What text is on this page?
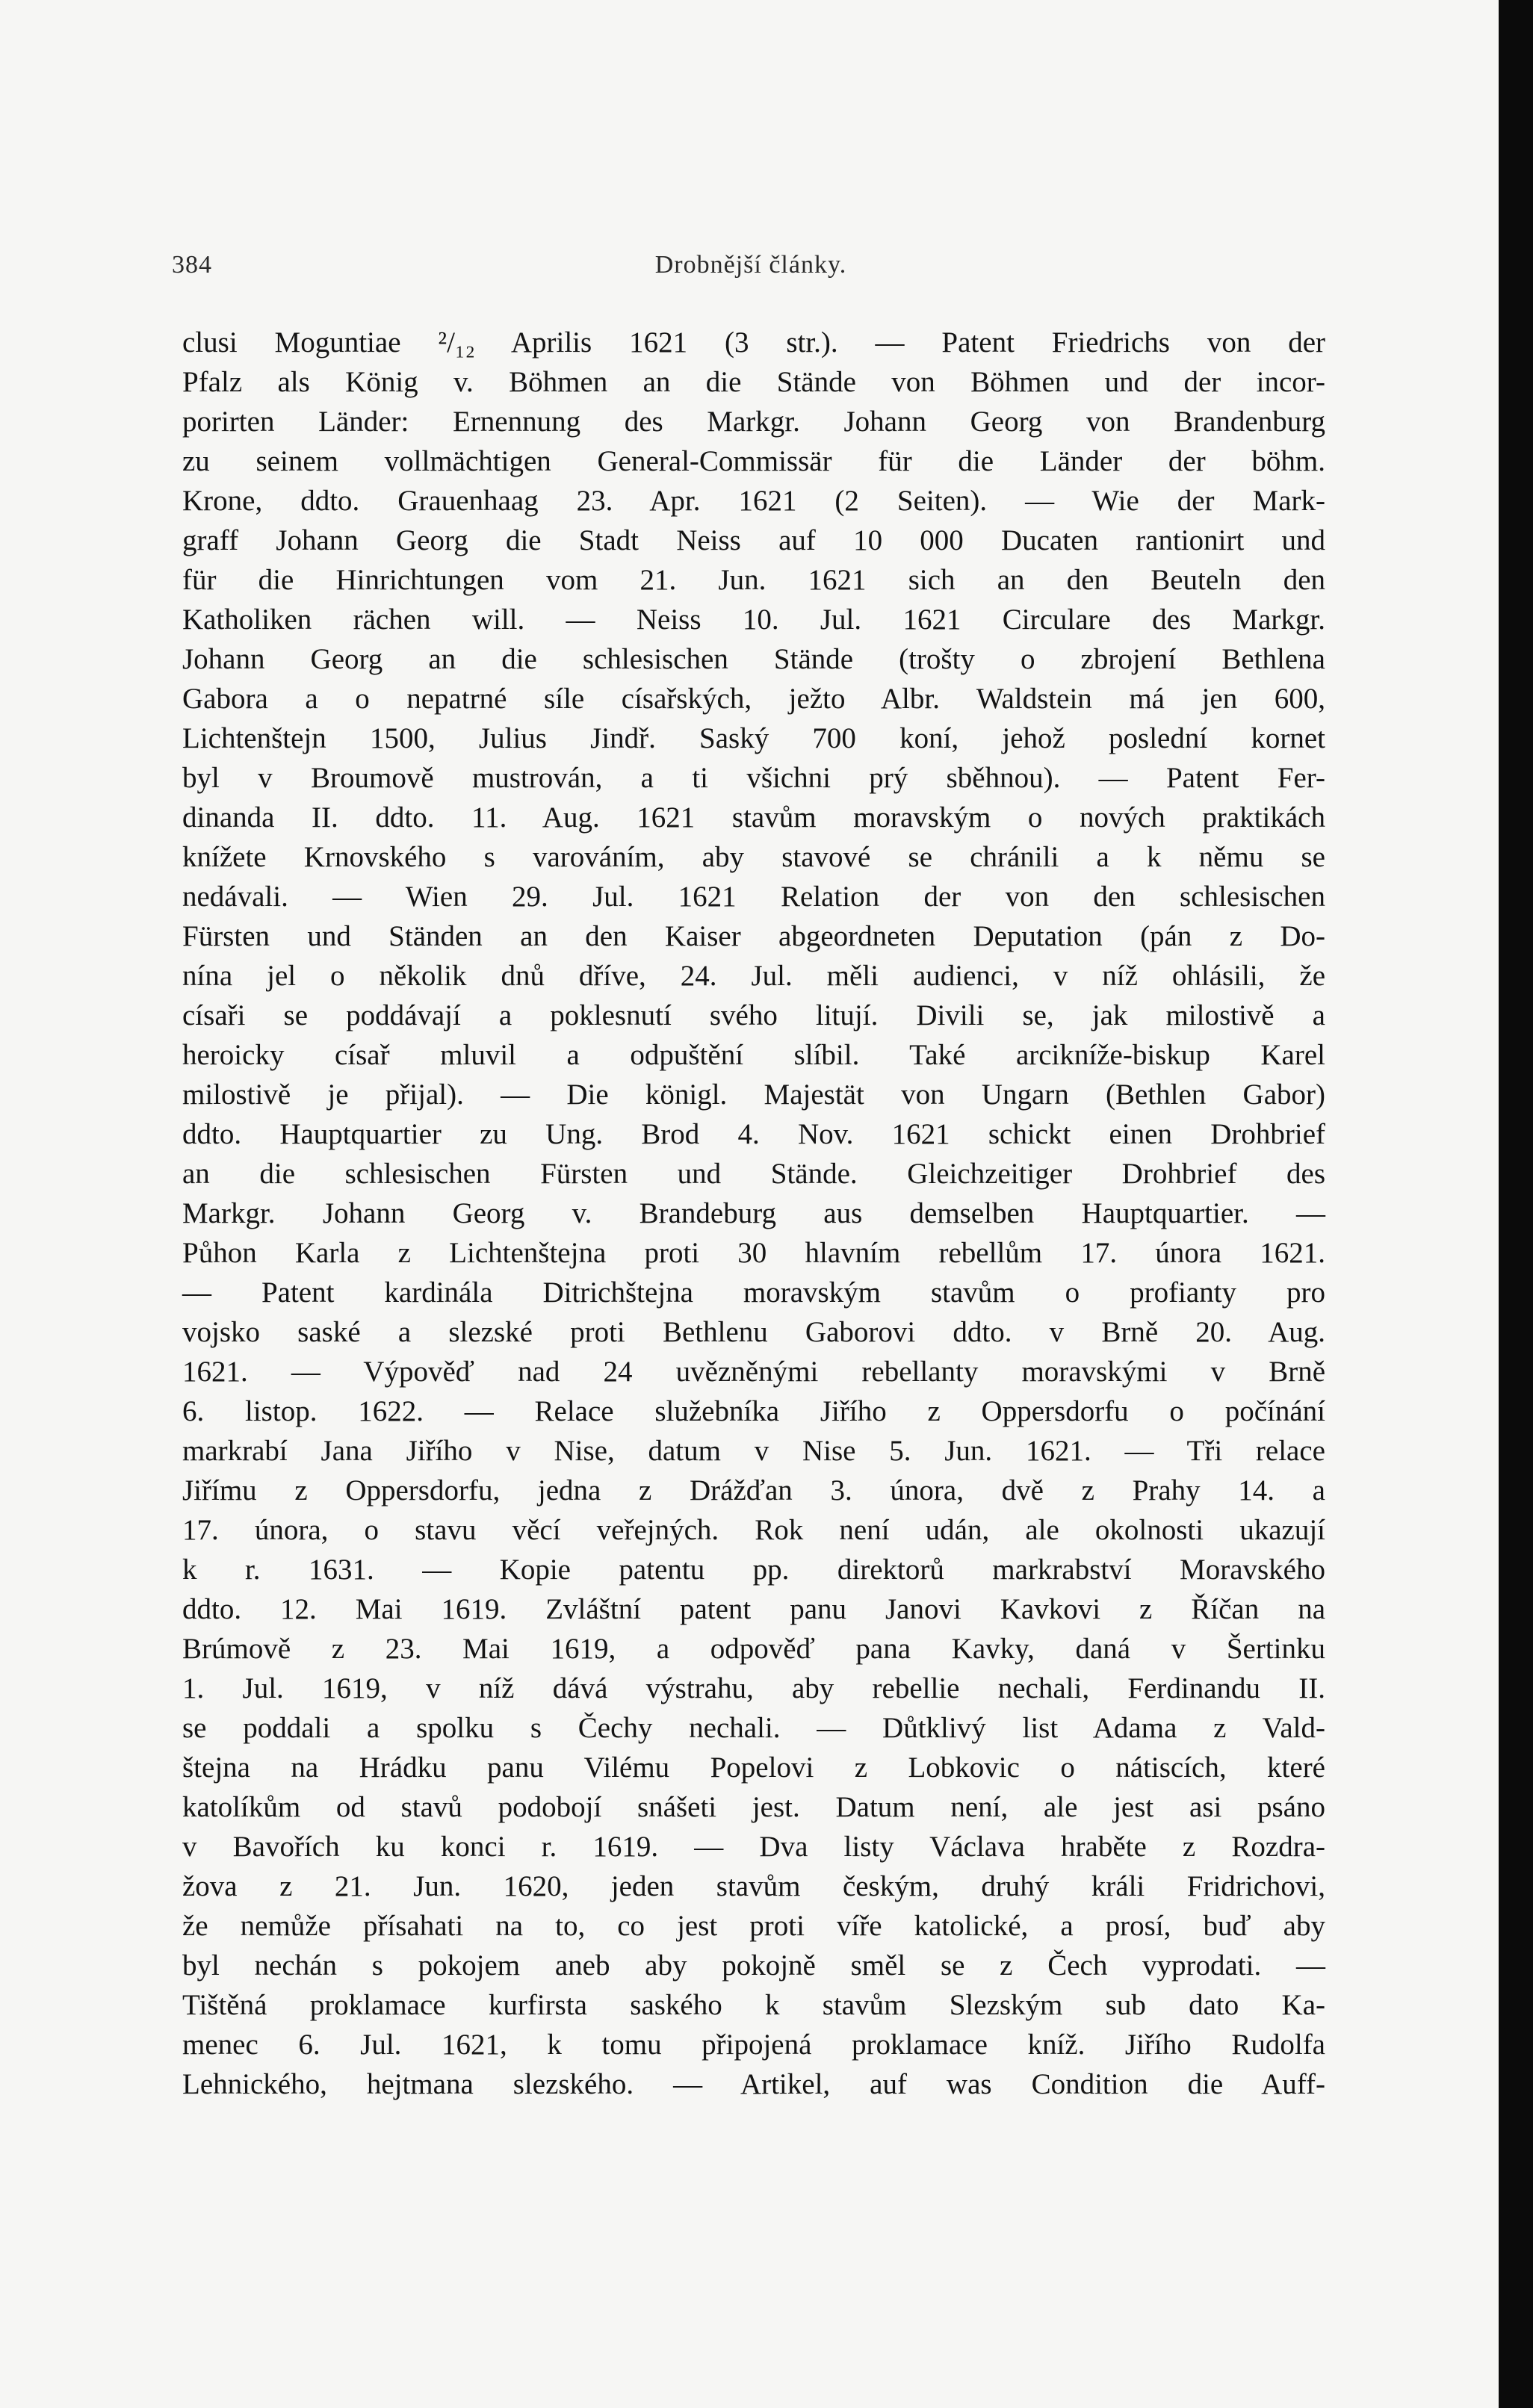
384	Drobnější články.
clusi Moguntiae ²/₁₂ Aprilis 1621 (3 str.). — Patent Friedrichs von der
Pfalz als König v. Böhmen an die Stände von Böhmen und der incor-
porirten Länder: Ernennung des Markgr. Johann Georg von Brandenburg
zu seinem vollmächtigen General-Commissär für die Länder der böhm.
Krone, ddto. Grauenhaag 23. Apr. 1621 (2 Seiten). — Wie der Mark-
graff Johann Georg die Stadt Neiss auf 10 000 Ducaten rantionirt und
für die Hinrichtungen vom 21. Jun. 1621 sich an den Beuteln den
Katholiken rächen will. — Neiss 10. Jul. 1621 Circulare des Markgr.
Johann Georg an die schlesischen Stände (trošty o zbrojení Bethlena
Gabora a o nepatrné síle císařských, ježto Albr. Waldstein má jen 600,
Lichtenštejn 1500, Julius Jindř. Saský 700 koní, jehož poslední kornet
byl v Broumově mustrován, a ti všichni prý sběhnou). — Patent Fer-
dinanda II. ddto. 11. Aug. 1621 stavům moravským o nových praktikách
knížete Krnovského s varováním, aby stavové se chránili a k němu se
nedávali. — Wien 29. Jul. 1621 Relation der von den schlesischen
Fürsten und Ständen an den Kaiser abgeordneten Deputation (pán z Do-
nína jel o několik dnů dříve, 24. Jul. měli audienci, v níž ohlásili, že
císaři se poddávají a poklesnutí svého litují. Divili se, jak milostivě a
heroicky císař mluvil a odpuštění slíbil. Také arcikníže-biskup Karel
milostivě je přijal). — Die königl. Majestät von Ungarn (Bethlen Gabor)
ddto. Hauptquartier zu Ung. Brod 4. Nov. 1621 schickt einen Drohbrief
an die schlesischen Fürsten und Stände. Gleichzeitiger Drohbrief des
Markgr. Johann Georg v. Brandeburg aus demselben Hauptquartier. —
Půhon Karla z Lichtenštejna proti 30 hlavním rebellům 17. února 1621.
— Patent kardinála Ditrichštejna moravským stavům o profianty pro
vojsko saské a slezské proti Bethlenu Gaborovi ddto. v Brně 20. Aug.
1621. — Výpověď nad 24 uvězněnými rebellanty moravskými v Brně
6. listop. 1622. — Relace služebníka Jiřího z Oppersdorfu o počínání
markrabí Jana Jiřího v Nise, datum v Nise 5. Jun. 1621. — Tři relace
Jiřímu z Oppersdorfu, jedna z Drážďan 3. února, dvě z Prahy 14. a
17. února, o stavu věcí veřejných. Rok není udán, ale okolnosti ukazují
k r. 1631. — Kopie patentu pp. direktorů markrabství Moravského
ddto. 12. Mai 1619. Zvláštní patent panu Janovi Kavkovi z Říčan na
Brúmově z 23. Mai 1619, a odpověď pana Kavky, daná v Šertinku
1. Jul. 1619, v níž dává výstrahu, aby rebellie nechali, Ferdinandu II.
se poddali a spolku s Čechy nechali. — Důtklivý list Adama z Vald-
štejna na Hrádku panu Vilému Popelovi z Lobkovic o nátiscích, které
katolíkům od stavů podobojí snášeti jest. Datum není, ale jest asi psáno
v Bavořích ku konci r. 1619. — Dva listy Václava hraběte z Rozdra-
žova z 21. Jun. 1620, jeden stavům českým, druhý králi Fridrichovi,
že nemůže přísahati na to, co jest proti víře katolické, a prosí, buď aby
byl nechán s pokojem aneb aby pokojně směl se z Čech vyprodati. —
Tištěná proklamace kurfirsta saského k stavům Slezským sub dato Ka-
menec 6. Jul. 1621, k tomu připojená proklamace kníž. Jiřího Rudolfa
Lehnického, hejtmana slezského. — Artikel, auf was Condition die Auff-
